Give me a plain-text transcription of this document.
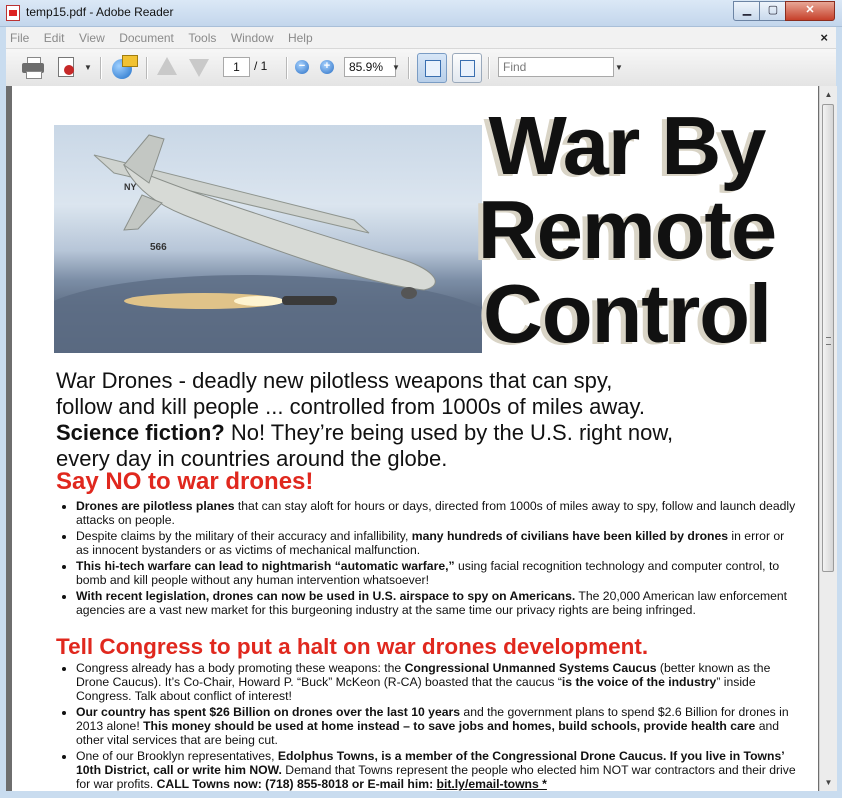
temp15.pdf - Adobe Reader	▁	▢	✕
File Edit View Document Tools Window Help	×
▼	1	/ 1	−	+	85.9%	▼	Find	▼
NY
566
War By
Remote
Control
War Drones - deadly new pilotless weapons that can spy,
follow and kill people ... controlled from 1000s of miles away.
Science fiction? No! They’re being used by the U.S. right now,
every day in countries around the globe.
Say NO to war drones!
• Drones are pilotless planes that can stay aloft for hours or days, directed from 1000s of miles away to spy, follow and launch deadly attacks on people.
• Despite claims by the military of their accuracy and infallibility, many hundreds of civilians have been killed by drones in error or as innocent bystanders or as victims of mechanical malfunction.
• This hi-tech warfare can lead to nightmarish “automatic warfare,” using facial recognition technology and computer control, to bomb and kill people without any human intervention whatsoever!
• With recent legislation, drones can now be used in U.S. airspace to spy on Americans. The 20,000 American law enforcement agencies are a vast new market for this burgeoning industry at the same time our privacy rights are being infringed.
Tell Congress to put a halt on war drones development.
• Congress already has a body promoting these weapons: the Congressional Unmanned Systems Caucus (better known as the Drone Caucus). It’s Co-Chair, Howard P. “Buck” McKeon (R-CA) boasted that the caucus “is the voice of the industry” inside Congress. Talk about conflict of interest!
• Our country has spent $26 Billion on drones over the last 10 years and the government plans to spend $2.6 Billion for drones in 2013 alone! This money should be used at home instead – to save jobs and homes, build schools, provide health care and other vital services that are being cut.
• One of our Brooklyn representatives, Edolphus Towns, is a member of the Congressional Drone Caucus. If you live in Towns’ 10th District, call or write him NOW. Demand that Towns represent the people who elected him NOT war contractors and their drive for war profits. CALL Towns now: (718) 855-8018 or E-mail him: bit.ly/email-towns *
▲
▼
